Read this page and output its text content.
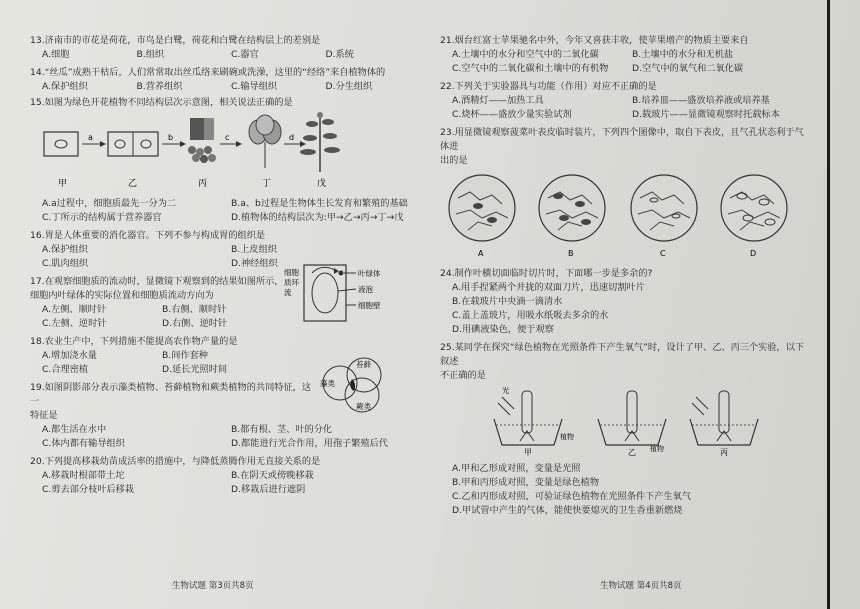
13.济南市的市花是荷花，市鸟是白鹭，荷花和白鹭在结构层上的差别是
A.细胞	B.组织	C.器官	D.系统
14.“丝瓜”成熟干枯后，人们常常取出丝瓜络来刷碗或洗澡，这里的“经络”来自植物体的
A.保护组织	B.营养组织	C.输导组织	D.分生组织
15.如图为绿色开花植物不同结构层次示意图，相关说法正确的是
a	b	c	d
甲	乙	丙	丁	戊
A.a过程中，细胞质最先一分为二	B.a、b过程是生物体生长发育和繁殖的基础
C.丁所示的结构属于营养器官	D.植物体的结构层次为:甲→乙→丙→丁→戊
16.胃是人体重要的消化器官。下列不参与构成胃的组织是
A.保护组织	B.上皮组织
C.肌肉组织	D.神经组织
17.在观察细胞质的流动时，显微镜下观察到的结果如图所示，
细胞内叶绿体的实际位置和细胞质流动方向为
细胞质环流
叶绿体
液泡
细胞壁
A.左侧、顺时针	B.右侧、顺时针
C.左侧、逆时针	D.右侧、逆时针
18.农业生产中，下列措施不能提高农作物产量的是
A.增加浇水量	B.间作套种
C.合理密植	D.延长光照时间
19.如图阴影部分表示藻类植物、苔藓植物和蕨类植物的共同特征，这一
特征是
苔藓
藻类
蕨类
A.都生活在水中	B.都有根、茎、叶的分化
C.体内都有输导组织	D.都能进行光合作用，用孢子繁殖后代
20.下列提高移栽幼苗成活率的措施中，与降低蒸腾作用无直接关系的是
A.移栽时根部带土坨	B.在阴天或傍晚移栽
C.剪去部分枝叶后移栽	D.移栽后进行遮阴
21.烟台红富士苹果驰名中外，今年又喜获丰收，使苹果增产的物质主要来自
A.土壤中的水分和空气中的二氧化碳	B.土壤中的水分和无机盐
C.空气中的二氧化碳和土壤中的有机物	D.空气中的氧气和二氧化碳
22.下列关于实验器具与功能（作用）对应不正确的是
A.酒精灯——加热工具	B.培养皿——盛放培养液或培养基
C.烧杯——盛放少量实验试剂	D.载玻片——显微镜观察时托载标本
23.用显微镜观察菠菜叶表皮临时装片，下列四个图像中，取自下表皮，且气孔状态利于气体进
出的是
A	B	C	D
24.制作叶横切面临时切片时，下面哪一步是多余的?
A.用手捏紧两个并拢的双面刀片，迅速切割叶片
B.在载玻片中央滴一滴清水
C.盖上盖玻片，用吸水纸吸去多余的水
D.用碘液染色，便于观察
25.某同学在探究“绿色植物在光照条件下产生氧气”时，设计了甲、乙、丙三个实验，以下叙述
不正确的是
光
植物
甲	植物
乙	丙
A.甲和乙形成对照，变量是光照
B.甲和丙形成对照，变量是绿色植物
C.乙和丙形成对照，可验证绿色植物在光照条件下产生氧气
D.甲试管中产生的气体，能使快要熄灭的卫生香重新燃烧
生物试题 第3页共8页	生物试题 第4页共8页
